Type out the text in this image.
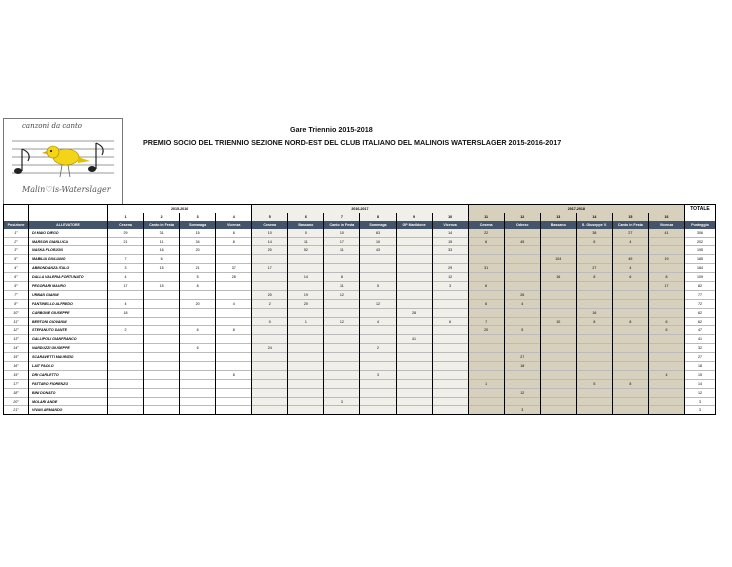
canzoni da canto
Malin♡is-Waterslager
Gare Triennio 2015-2018
PREMIO SOCIO DEL TRIENNIO SEZIONE NORD-EST DEL CLUB ITALIANO DEL MALINOIS WATERSLAGER 2015-2016-2017
		2015-2016				2016-2017						2017-2018						TOTALE
		1	2	3	4	5	6	7	8	9	10	11	12	13	14	15	16	
Posizione	ALLEVATORE	Cesena	Canto in Festa	Sommaga	Vicenza	Cesena	Bassano	Canto in Festa	Sommaga	GP Marildone	Vicenza	Cesena	Oderzo	Bassano	S. Giuseppe V.	Canto in Festa	Vicenza	Punteggio
1°	DI MAIO DIEGO	29	31	15	8	10	0	10	63		14	22			38	27	41	306
2°	MARSON GIANLUCA	21	11	34	8	14	11	17	10		15	6	45		6	4		202
3°	NASKA FLORJON		16	20		20	52	11	43		33							195
5°	MABILIA GIULIANO	7	6											104		49	19	185
4°	ABBONDANZA ITALO	3	15	21	37	17					29	31			27	4		184
6°	DALLA VALERIA FORTUNATO	4		5	28		14	8			12			16	8	6	8	109
9°	PEGORARI MAURO	17	15	8				11	5		3	6					17	82
7°	URBAN GIANNI					20	19	12					26					77
8°	FANTINELLO ALFREDO	4		20	4	2	20		12			6	4					72
10°	CARBONE GIUSEPPE	18								28					16			62
11°	BERTONI GIOVANNI					0	1	12	4		6	7		10	8	8	6	62
12°	STEFANUTO DANTE	2		6	8							20	5				6	47
13°	GALLIPOLI GIANFRANCO									41								41
14°	NARDUZZI GIUSEPPE			6		24			2									32
15°	SCARAVETTI MAURIZIO												27					27
16°	LAIT PAOLO												18					18
19°	DRI CARLETTO				8				3								4	15
17°	PATTARO FIORENZO											1			5	8		14
18°	BINI DONATO												12					12
20°	MOLARI ANDE							3										3
21°	VIVAN ARMANDO												3					3
